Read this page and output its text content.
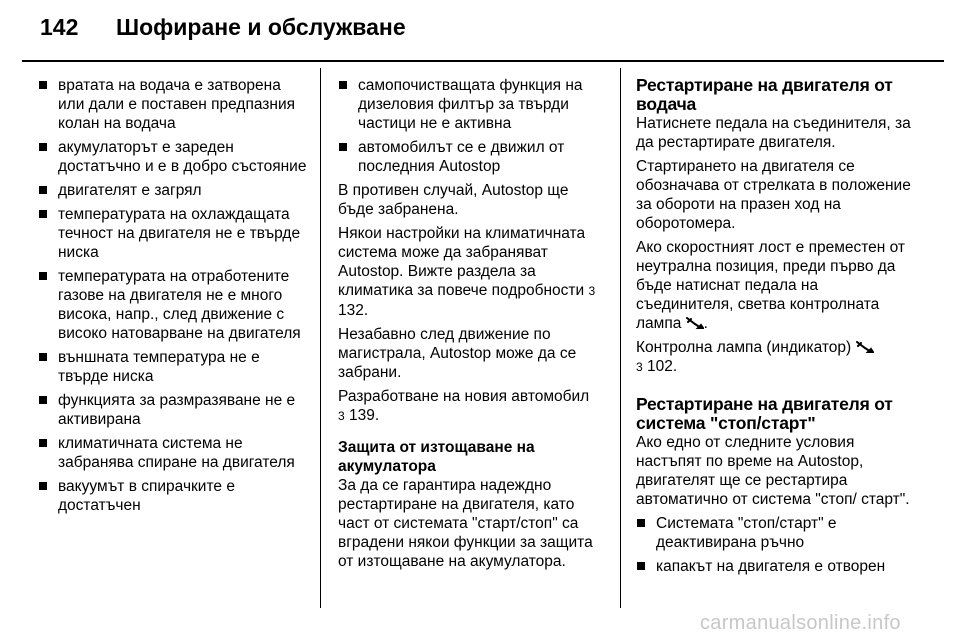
142 Шофиране и обслужване
вратата на водача е затворена или дали е поставен предпазния колан на водача
акумулаторът е зареден достатъчно и е в добро състояние
двигателят е загрял
температурата на охлаждащата течност на двигателя не е твърде ниска
температурата на отработените газове на двигателя не е много висока, напр., след движение с високо натоварване на двигателя
външната температура не е твърде ниска
функцията за размразяване не е активирана
климатичната система не забранява спиране на двигателя
вакуумът в спирачките е достатъчен
самопочистващата функция на дизеловия филтър за твърди частици не е активна
автомобилът се е движил от последния Autostop

В противен случай, Autostop ще бъде забранена.

Някои настройки на климатичната система може да забраняват Autostop. Вижте раздела за климатика за повече подробности 3 132.

Незабавно след движение по магистрала, Autostop може да се забрани.

Разработване на новия автомобил
3 139.

Защита от изтощаване на акумулатора

За да се гарантира надеждно рестартиране на двигателя, като част от системата "старт/стоп" са вградени някои функции за защита от изтощаване на акумулатора.

Рестартиране на двигателя от водача

Натиснете педала на съединителя, за да рестартирате двигателя.

Стартирането на двигателя се обозначава от стрелката в положение за обороти на празен ход на оборотомера.

Ако скоростният лост е преместен от неутрална позиция, преди първо да бъде натиснат педала на съединителя, светва контролната лампа .

Контролна лампа (индикатор)
3 102.

Рестартиране на двигателя от система "стоп/старт"

Ако едно от следните условия настъпят по време на Autostop, двигателят ще се рестартира автоматично от система "стоп/ старт".

Системата "стоп/старт" е деактивирана ръчно
капакът на двигателя е отворен
carmanualsonline.info
